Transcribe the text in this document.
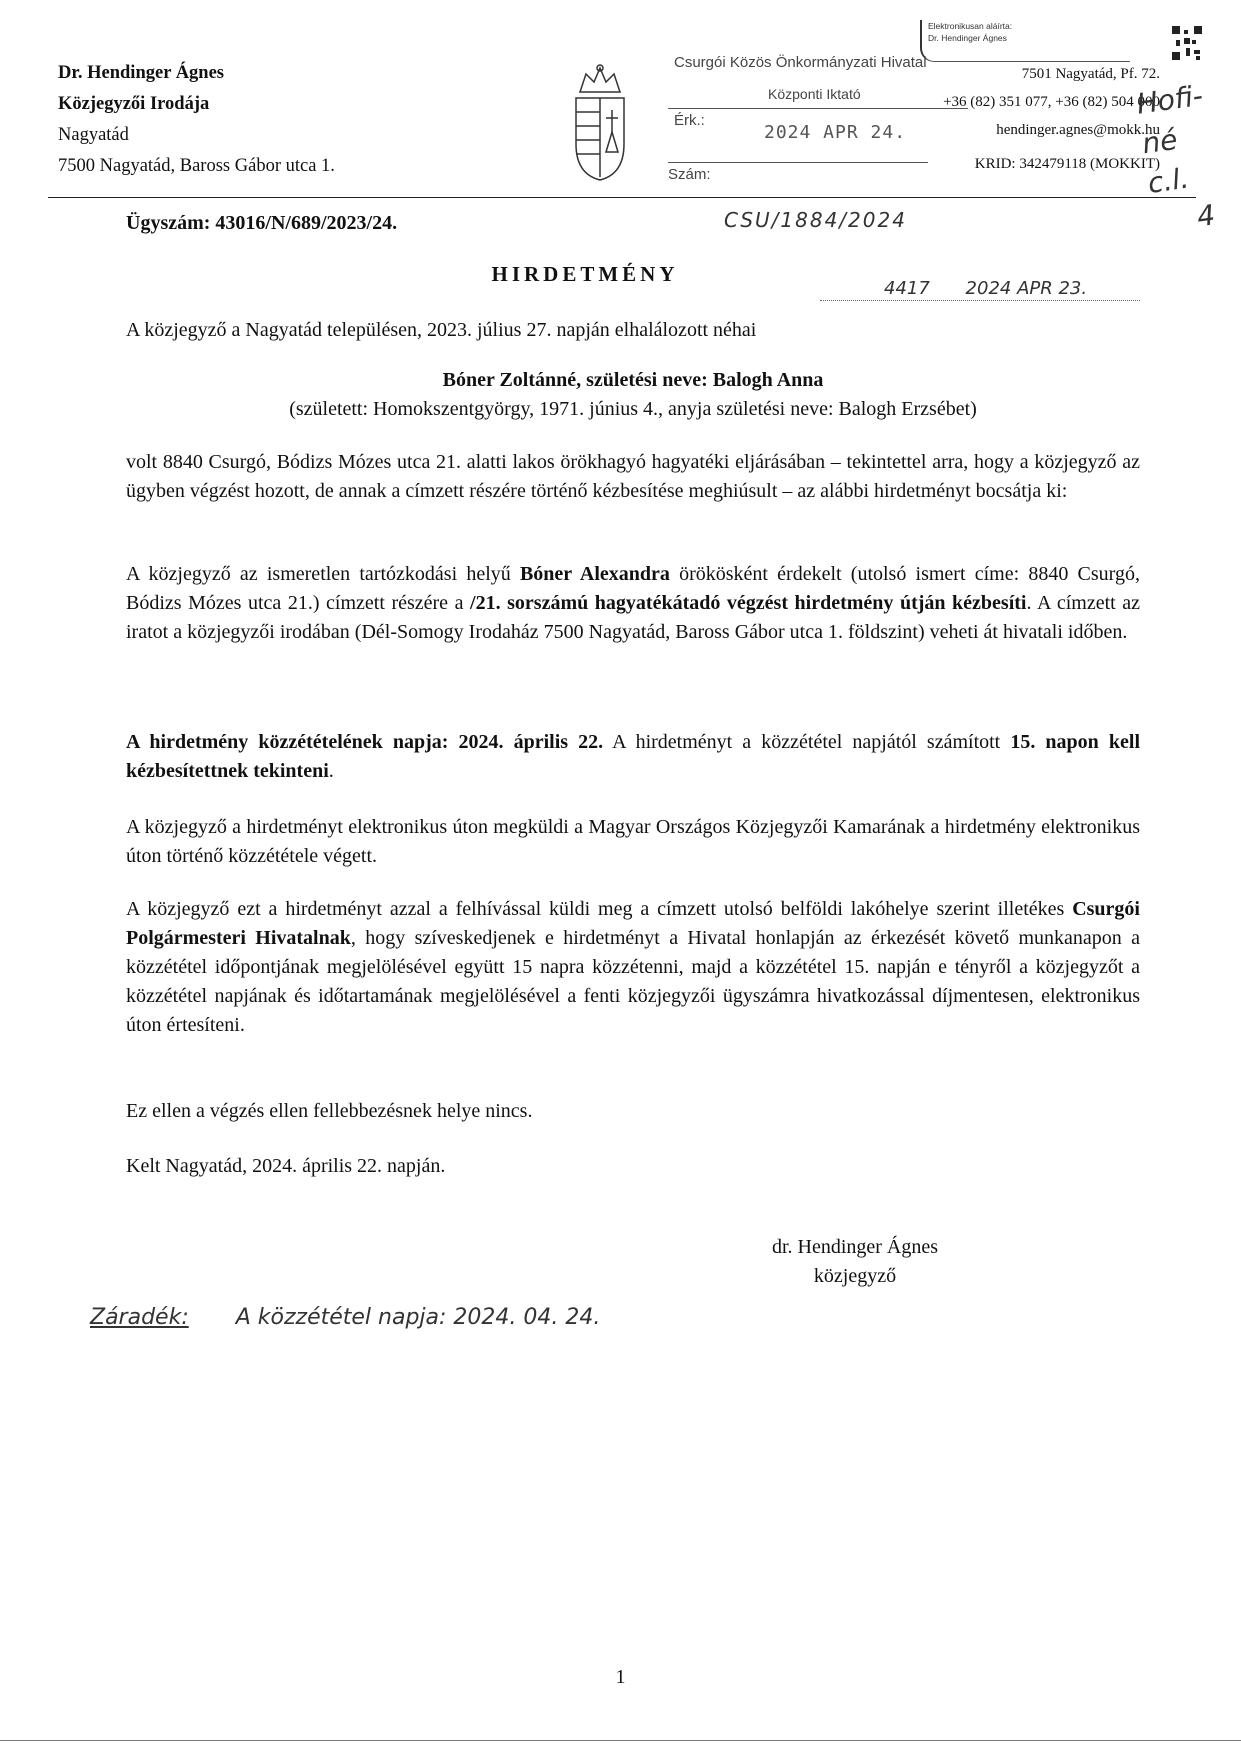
Dr. Hendinger Ágnes
Közjegyzői Irodája
Nagyatád
7500 Nagyatád, Baross Gábor utca 1.
Elektronikusan aláírta:
Dr. Hendinger Ágnes
7501 Nagyatád, Pf. 72.
+36 (82) 351 077, +36 (82) 504 000
hendinger.agnes@mokk.hu
KRID: 342479118 (MOKKIT)
Csurgói Közös Önkormányzati Hivatal
Központi Iktató
Érk.:
2024 APR 24.
Szám:
Ügyszám: 43016/N/689/2023/24.	CSU/1884/2024
4417 2024 APR 23.
Hofi-né c.l.
4
HIRDETMÉNY
A közjegyző a Nagyatád településen, 2023. július 27. napján elhalálozott néhai
Bóner Zoltánné, születési neve: Balogh Anna
(született: Homokszentgyörgy, 1971. június 4., anyja születési neve: Balogh Erzsébet)
volt 8840 Csurgó, Bódizs Mózes utca 21. alatti lakos örökhagyó hagyatéki eljárásában – tekintettel arra, hogy a közjegyző az ügyben végzést hozott, de annak a címzett részére történő kézbesítése meghiúsult – az alábbi hirdetményt bocsátja ki:
A közjegyző az ismeretlen tartózkodási helyű Bóner Alexandra örökösként érdekelt (utolsó ismert címe: 8840 Csurgó, Bódizs Mózes utca 21.) címzett részére a /21. sorszámú hagyatékátadó végzést hirdetmény útján kézbesíti. A címzett az iratot a közjegyzői irodában (Dél-Somogy Irodaház 7500 Nagyatád, Baross Gábor utca 1. földszint) veheti át hivatali időben.
A hirdetmény közzétételének napja: 2024. április 22. A hirdetményt a közzététel napjától számított 15. napon kell kézbesítettnek tekinteni.
A közjegyző a hirdetményt elektronikus úton megküldi a Magyar Országos Közjegyzői Kamarának a hirdetmény elektronikus úton történő közzététele végett.
A közjegyző ezt a hirdetményt azzal a felhívással küldi meg a címzett utolsó belföldi lakóhelye szerint illetékes Csurgói Polgármesteri Hivatalnak, hogy szíveskedjenek e hirdetményt a Hivatal honlapján az érkezését követő munkanapon a közzététel időpontjának megjelölésével együtt 15 napra közzétenni, majd a közzététel 15. napján e tényről a közjegyzőt a közzététel napjának és időtartamának megjelölésével a fenti közjegyzői ügyszámra hivatkozással díjmentesen, elektronikus úton értesíteni.
Ez ellen a végzés ellen fellebbezésnek helye nincs.
Kelt Nagyatád, 2024. április 22. napján.
dr. Hendinger Ágnes
közjegyző
Záradék: A közzététel napja: 2024. 04. 24.
1
